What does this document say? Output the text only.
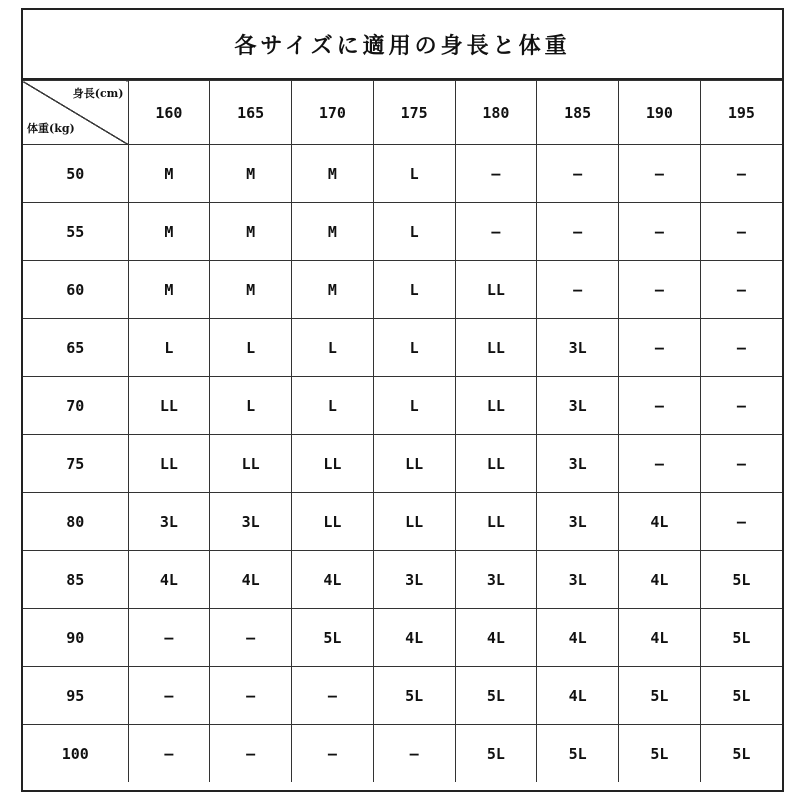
各サイズに適用の身長と体重
身長(cm)
体重(kg)	160	165	170	175	180	185	190	195
50	M	M	M	L	–	–	–	–
55	M	M	M	L	–	–	–	–
60	M	M	M	L	LL	–	–	–
65	L	L	L	L	LL	3L	–	–
70	LL	L	L	L	LL	3L	–	–
75	LL	LL	LL	LL	LL	3L	–	–
80	3L	3L	LL	LL	LL	3L	4L	–
85	4L	4L	4L	3L	3L	3L	4L	5L
90	–	–	5L	4L	4L	4L	4L	5L
95	–	–	–	5L	5L	4L	5L	5L
100	–	–	–	–	5L	5L	5L	5L
